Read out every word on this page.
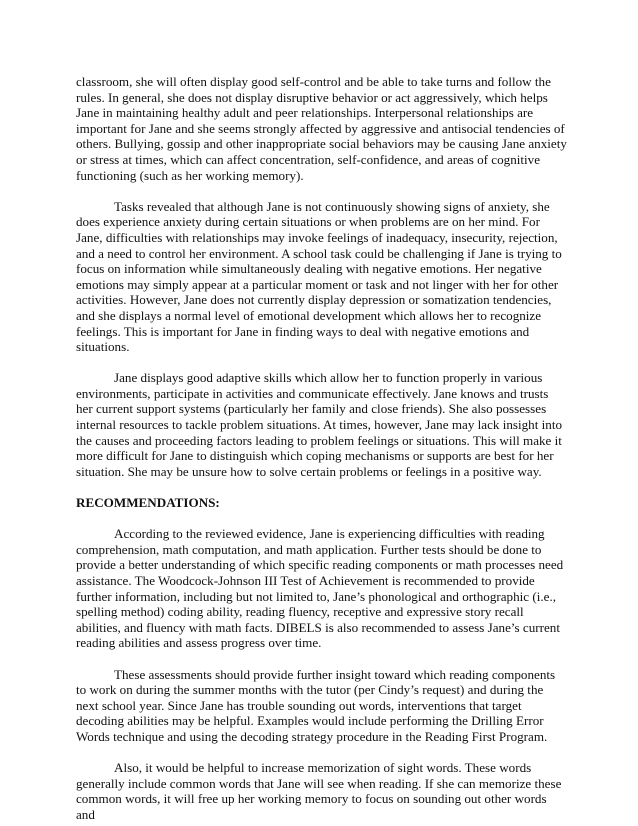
classroom, she will often display good self-control and be able to take turns and follow the rules. In general, she does not display disruptive behavior or act aggressively, which helps Jane in maintaining healthy adult and peer relationships. Interpersonal relationships are important for Jane and she seems strongly affected by aggressive and antisocial tendencies of others. Bullying, gossip and other inappropriate social behaviors may be causing Jane anxiety or stress at times, which can affect concentration, self-confidence, and areas of cognitive functioning (such as her working memory).

Tasks revealed that although Jane is not continuously showing signs of anxiety, she does experience anxiety during certain situations or when problems are on her mind. For Jane, difficulties with relationships may invoke feelings of inadequacy, insecurity, rejection, and a need to control her environment. A school task could be challenging if Jane is trying to focus on information while simultaneously dealing with negative emotions. Her negative emotions may simply appear at a particular moment or task and not linger with her for other activities. However, Jane does not currently display depression or somatization tendencies, and she displays a normal level of emotional development which allows her to recognize feelings. This is important for Jane in finding ways to deal with negative emotions and situations.

Jane displays good adaptive skills which allow her to function properly in various environments, participate in activities and communicate effectively. Jane knows and trusts her current support systems (particularly her family and close friends). She also possesses internal resources to tackle problem situations. At times, however, Jane may lack insight into the causes and proceeding factors leading to problem feelings or situations. This will make it more difficult for Jane to distinguish which coping mechanisms or supports are best for her situation. She may be unsure how to solve certain problems or feelings in a positive way.

RECOMMENDATIONS:

According to the reviewed evidence, Jane is experiencing difficulties with reading comprehension, math computation, and math application. Further tests should be done to provide a better understanding of which specific reading components or math processes need assistance. The Woodcock-Johnson III Test of Achievement is recommended to provide further information, including but not limited to, Jane’s phonological and orthographic (i.e., spelling method) coding ability, reading fluency, receptive and expressive story recall abilities, and fluency with math facts. DIBELS is also recommended to assess Jane’s current reading abilities and assess progress over time.

These assessments should provide further insight toward which reading components to work on during the summer months with the tutor (per Cindy’s request) and during the next school year. Since Jane has trouble sounding out words, interventions that target decoding abilities may be helpful. Examples would include performing the Drilling Error Words technique and using the decoding strategy procedure in the Reading First Program.

Also, it would be helpful to increase memorization of sight words. These words generally include common words that Jane will see when reading. If she can memorize these common words, it will free up her working memory to focus on sounding out other words and
